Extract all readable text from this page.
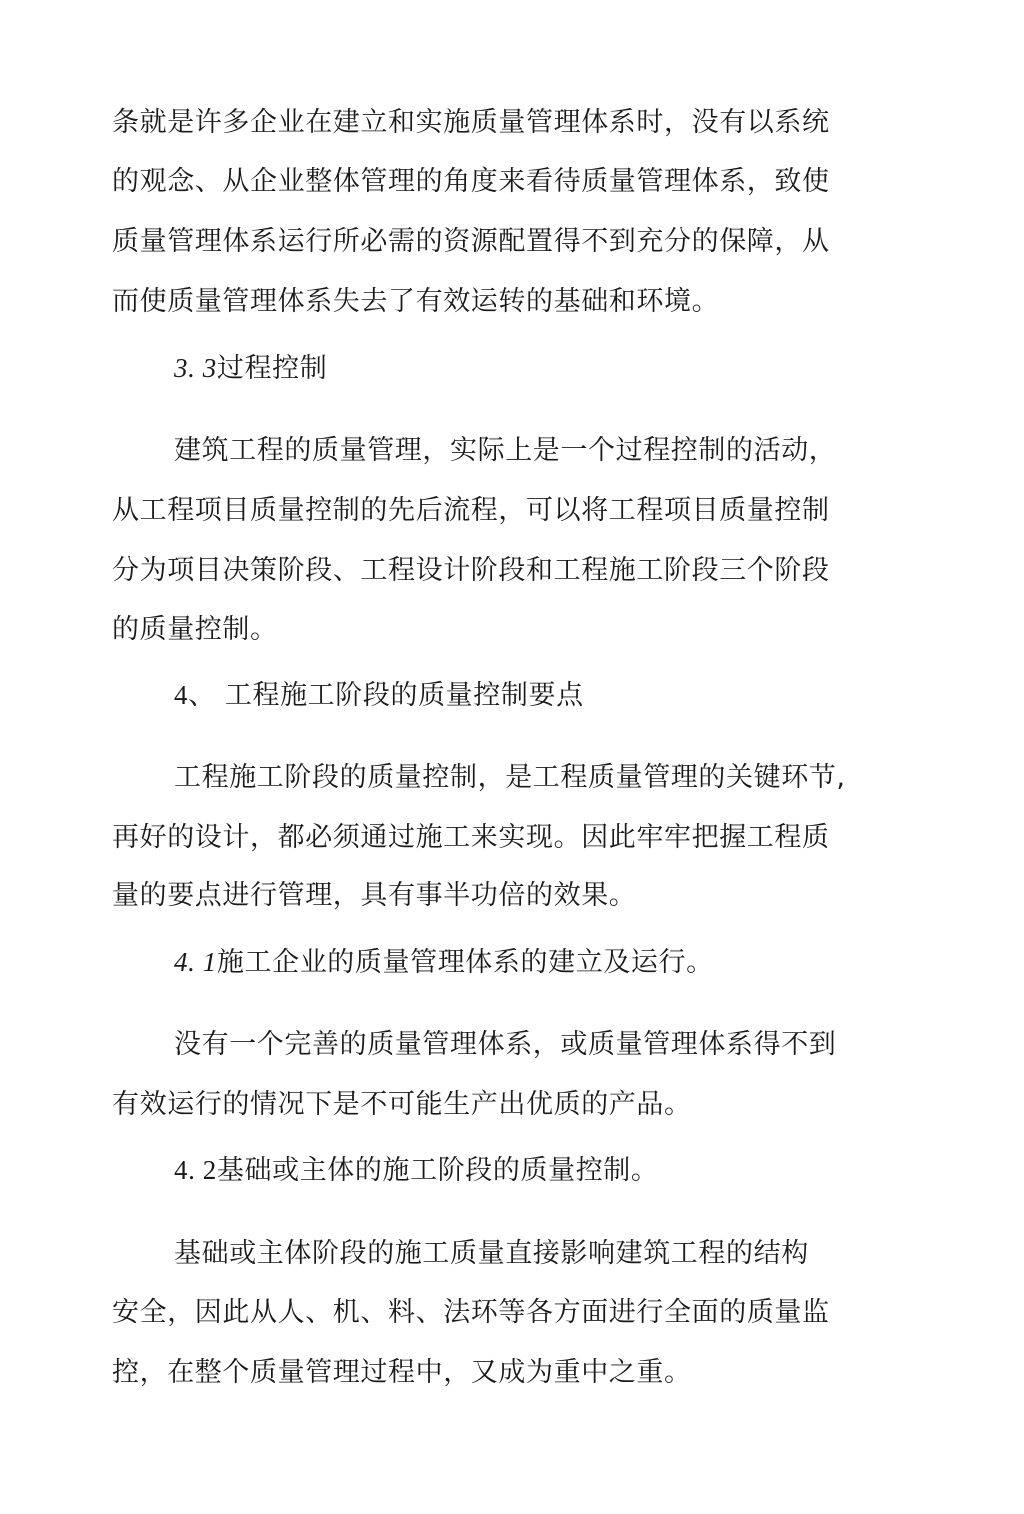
条就是许多企业在建立和实施质量管理体系时，没有以系统
的观念、从企业整体管理的角度来看待质量管理体系，致使
质量管理体系运行所必需的资源配置得不到充分的保障，从
而使质量管理体系失去了有效运转的基础和环境。
3. 3过程控制
建筑工程的质量管理，实际上是一个过程控制的活动，
从工程项目质量控制的先后流程，可以将工程项目质量控制
分为项目决策阶段、工程设计阶段和工程施工阶段三个阶段
的质量控制。
4、 工程施工阶段的质量控制要点
工程施工阶段的质量控制，是工程质量管理的关键环节,
再好的设计，都必须通过施工来实现。因此牢牢把握工程质
量的要点进行管理，具有事半功倍的效果。
4. 1施工企业的质量管理体系的建立及运行。
没有一个完善的质量管理体系，或质量管理体系得不到
有效运行的情况下是不可能生产出优质的产品。
4. 2基础或主体的施工阶段的质量控制。
基础或主体阶段的施工质量直接影响建筑工程的结构
安全，因此从人、机、料、法环等各方面进行全面的质量监
控，在整个质量管理过程中，又成为重中之重。
